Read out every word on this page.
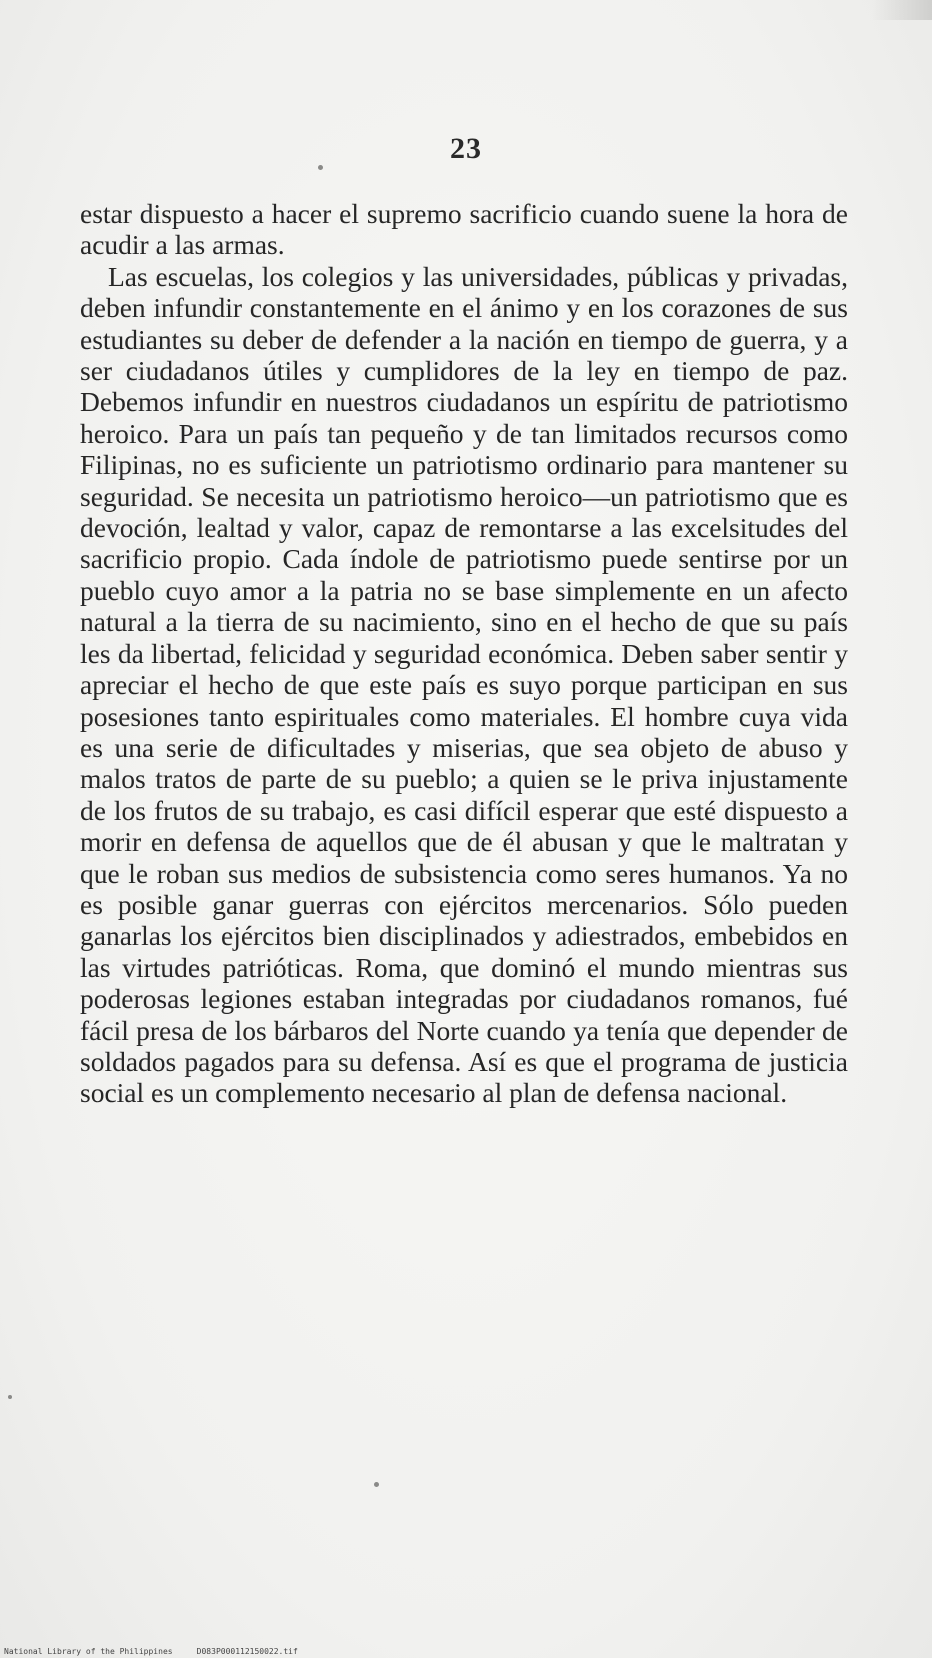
23

estar dispuesto a hacer el supremo sacrificio cuando suene la hora de acudir a las armas.

Las escuelas, los colegios y las universidades, públicas y privadas, deben infundir constantemente en el ánimo y en los corazones de sus estudiantes su deber de defender a la nación en tiempo de guerra, y a ser ciudadanos útiles y cumplidores de la ley en tiempo de paz. Debemos infundir en nuestros ciudadanos un espíritu de patriotismo heroico. Para un país tan pequeño y de tan limitados recursos como Filipinas, no es suficiente un patriotismo ordinario para mantener su seguridad. Se necesita un patriotismo heroico—un patriotismo que es devoción, lealtad y valor, capaz de remontarse a las excelsitudes del sacrificio propio. Cada índole de patriotismo puede sentirse por un pueblo cuyo amor a la patria no se base simplemente en un afecto natural a la tierra de su nacimiento, sino en el hecho de que su país les da libertad, felicidad y seguridad económica. Deben saber sentir y apreciar el hecho de que este país es suyo porque participan en sus posesiones tanto espirituales como materiales. El hombre cuya vida es una serie de dificultades y miserias, que sea objeto de abuso y malos tratos de parte de su pueblo; a quien se le priva injustamente de los frutos de su trabajo, es casi difícil esperar que esté dispuesto a morir en defensa de aquellos que de él abusan y que le maltratan y que le roban sus medios de subsistencia como seres humanos. Ya no es posible ganar guerras con ejércitos mercenarios. Sólo pueden ganarlas los ejércitos bien disciplinados y adiestrados, embebidos en las virtudes patrióticas. Roma, que dominó el mundo mientras sus poderosas legiones estaban integradas por ciudadanos romanos, fué fácil presa de los bárbaros del Norte cuando ya tenía que depender de soldados pagados para su defensa. Así es que el programa de justicia social es un complemento necesario al plan de defensa nacional.

National Library of the Philippines	D083P000112150022.tif
